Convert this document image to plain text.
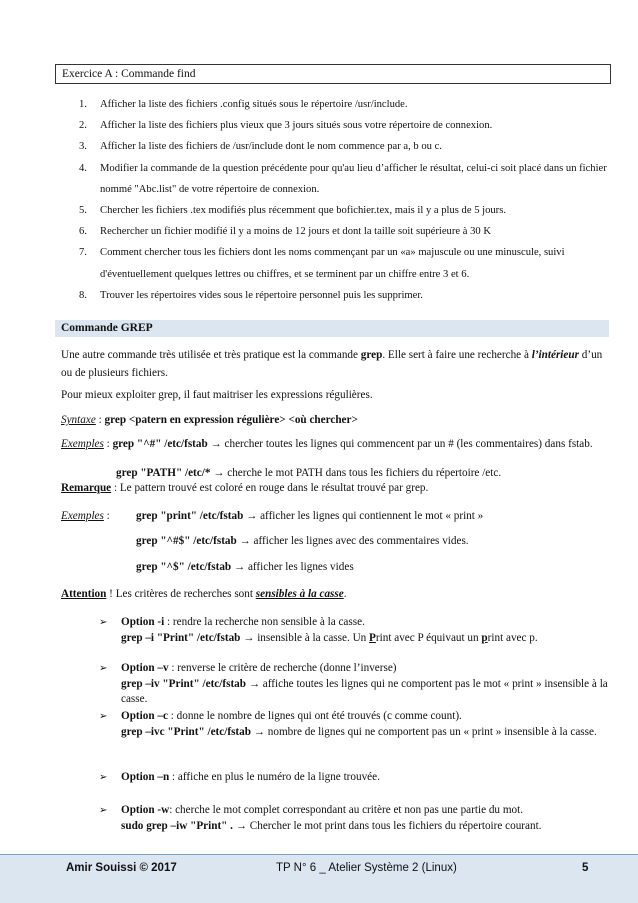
Exercice A : Commande find
1. Afficher la liste des fichiers .config situés sous le répertoire /usr/include.
2. Afficher la liste des fichiers plus vieux que 3 jours situés sous votre répertoire de connexion.
3. Afficher la liste des fichiers de /usr/include dont le nom commence par a, b ou c.
4. Modifier la commande de la question précédente pour qu'au lieu d’afficher le résultat, celui-ci soit placé dans un fichier nommé "Abc.list" de votre répertoire de connexion.
5. Chercher les fichiers .tex modifiés plus récemment que bofichier.tex, mais il y a plus de 5 jours.
6. Rechercher un fichier modifié il y a moins de 12 jours et dont la taille soit supérieure à 30 K
7. Comment chercher tous les fichiers dont les noms commençant par un «a» majuscule ou une minuscule, suivi d'éventuellement quelques lettres ou chiffres, et se terminent par un chiffre entre 3 et 6.
8. Trouver les répertoires vides sous le répertoire personnel puis les supprimer.
Commande GREP
Une autre commande très utilisée et très pratique est la commande grep. Elle sert à faire une recherche à l’intérieur d’un ou de plusieurs fichiers.
Pour mieux exploiter grep, il faut maitriser les expressions régulières.
Syntaxe : grep <patern en expression régulière> <où chercher>
Exemples : grep "^#" /etc/fstab → chercher toutes les lignes qui commencent par un # (les commentaires) dans fstab.
grep "PATH" /etc/* → cherche le mot PATH dans tous les fichiers du répertoire /etc.
Remarque : Le pattern trouvé est coloré en rouge dans le résultat trouvé par grep.
Exemples : grep "print" /etc/fstab → afficher les lignes qui contiennent le mot « print »
grep "^#$" /etc/fstab → afficher les lignes avec des commentaires vides.
grep "^$" /etc/fstab → afficher les lignes vides
Attention ! Les critères de recherches sont sensibles à la casse.
➢ Option -i : rendre la recherche non sensible à la casse.
grep –i "Print" /etc/fstab → insensible à la casse. Un Print avec P équivaut un print avec p.
➢ Option –v : renverse le critère de recherche (donne l’inverse)
grep –iv "Print" /etc/fstab → affiche toutes les lignes qui ne comportent pas le mot « print » insensible à la casse.
➢ Option –c : donne le nombre de lignes qui ont été trouvés (c comme count).
grep –ivc "Print" /etc/fstab → nombre de lignes qui ne comportent pas un « print » insensible à la casse.
➢ Option –n : affiche en plus le numéro de la ligne trouvée.
➢ Option -w: cherche le mot complet correspondant au critère et non pas une partie du mot.
sudo grep –iw "Print" . → Chercher le mot print dans tous les fichiers du répertoire courant.
Amir Souissi © 2017	TP N° 6 _ Atelier Système 2 (Linux)	5
